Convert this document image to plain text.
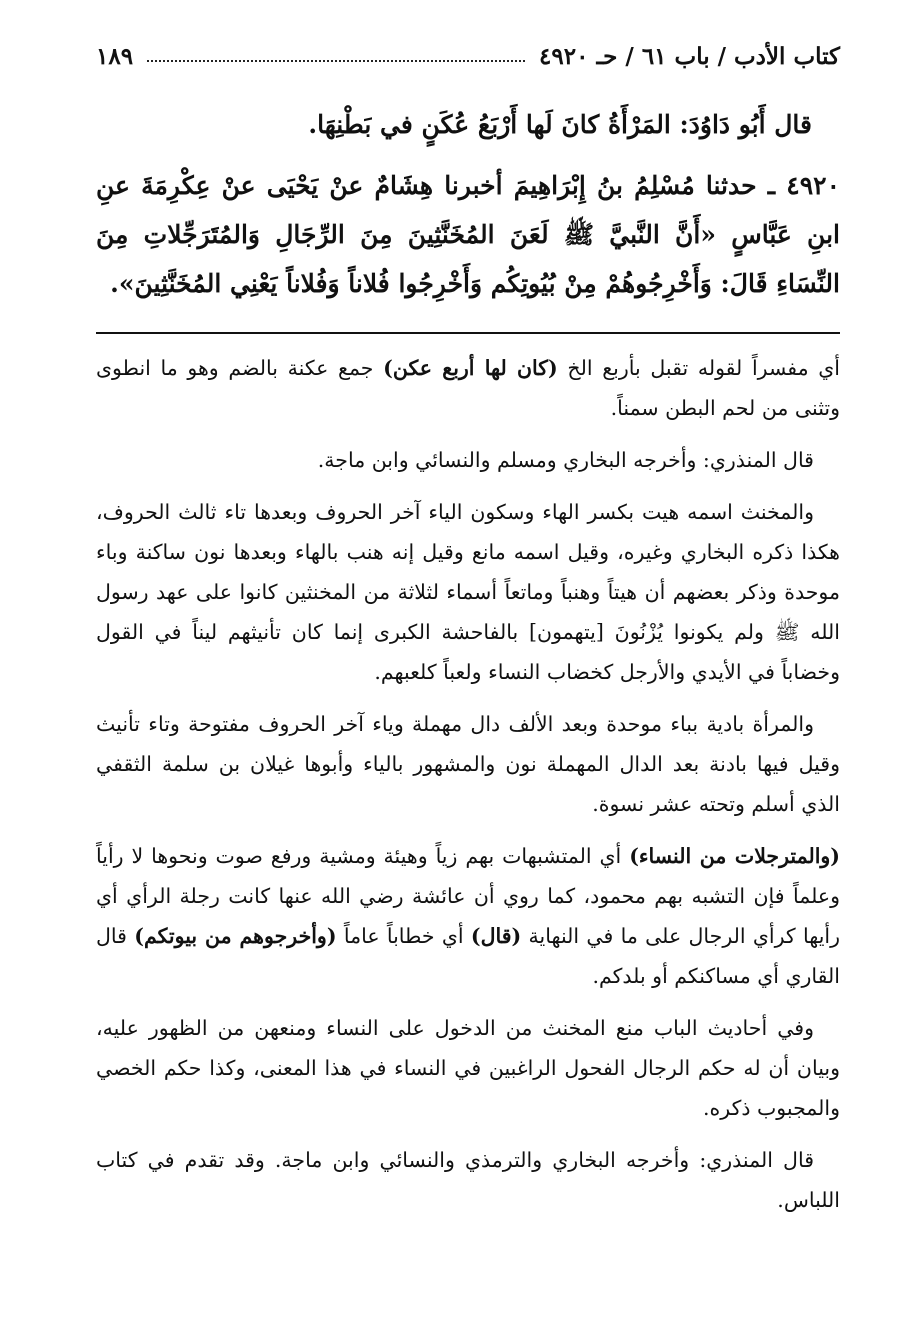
كتاب الأدب / باب ٦١ / حـ ٤٩٢٠
١٨٩

قال أَبُو دَاوُدَ: المَرْأَةُ كانَ لَها أَرْبَعُ عُكَنٍ في بَطْنِهَا.

٤٩٢٠ ـ حدثنا مُسْلِمُ بنُ إِبْرَاهِيمَ أخبرنا هِشَامٌ عنْ يَحْيَى عنْ عِكْرِمَةَ عنِ ابنِ عَبَّاسٍ «أَنَّ النَّبيَّ ﷺ لَعَنَ المُخَنَّثِينَ مِنَ الرِّجَالِ وَالمُتَرَجِّلاتِ مِنَ النِّسَاءِ قَالَ: وَأَخْرِجُوهُمْ مِنْ بُيُوتِكُم وَأَخْرِجُوا فُلاناً وَفُلاناً يَعْنِي المُخَنَّثِينَ».

أي مفسراً لقوله تقبل بأربع الخ (كان لها أربع عكن) جمع عكنة بالضم وهو ما انطوى وتثنى من لحم البطن سمناً.

قال المنذري: وأخرجه البخاري ومسلم والنسائي وابن ماجة.

والمخنث اسمه هيت بكسر الهاء وسكون الياء آخر الحروف وبعدها تاء ثالث الحروف، هكذا ذكره البخاري وغيره، وقيل اسمه مانع وقيل إنه هنب بالهاء وبعدها نون ساكنة وباء موحدة وذكر بعضهم أن هيتاً وهنباً وماتعاً أسماء لثلاثة من المخنثين كانوا على عهد رسول الله ﷺ ولم يكونوا يُزْنُونَ [يتهمون] بالفاحشة الكبرى إنما كان تأنيثهم ليناً في القول وخضاباً في الأيدي والأرجل كخضاب النساء ولعباً كلعبهم.

والمرأة بادية بباء موحدة وبعد الألف دال مهملة وياء آخر الحروف مفتوحة وتاء تأنيث وقيل فيها بادنة بعد الدال المهملة نون والمشهور بالياء وأبوها غيلان بن سلمة الثقفي الذي أسلم وتحته عشر نسوة.

(والمترجلات من النساء) أي المتشبهات بهم زياً وهيئة ومشية ورفع صوت ونحوها لا رأياً وعلماً فإن التشبه بهم محمود، كما روي أن عائشة رضي الله عنها كانت رجلة الرأي أي رأيها كرأي الرجال على ما في النهاية (قال) أي خطاباً عاماً (وأخرجوهم من بيوتكم) قال القاري أي مساكنكم أو بلدكم.

وفي أحاديث الباب منع المخنث من الدخول على النساء ومنعهن من الظهور عليه، وبيان أن له حكم الرجال الفحول الراغبين في النساء في هذا المعنى، وكذا حكم الخصي والمجبوب ذكره.

قال المنذري: وأخرجه البخاري والترمذي والنسائي وابن ماجة. وقد تقدم في كتاب اللباس.
